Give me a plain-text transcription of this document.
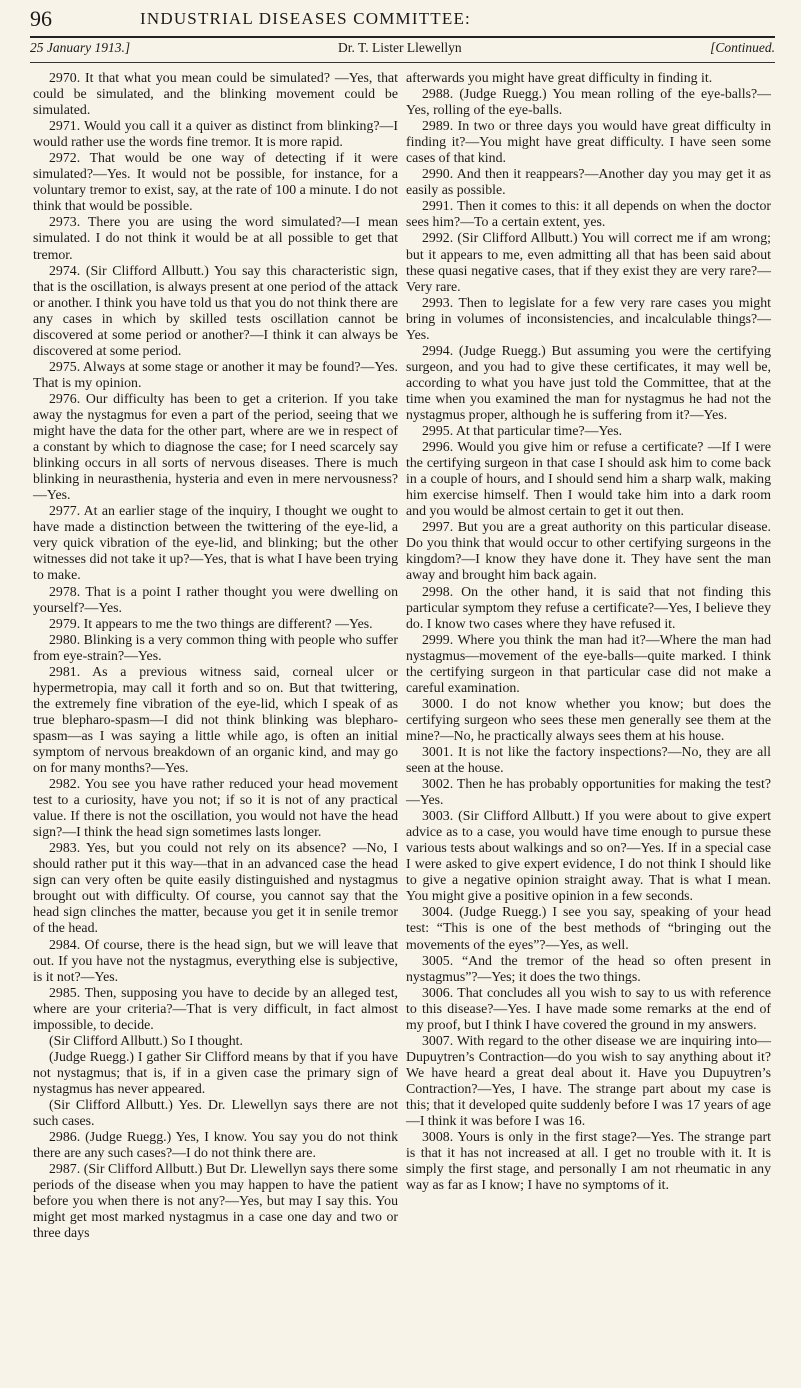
96	INDUSTRIAL DISEASES COMMITTEE:
25 January 1913.]	Dr. T. Lister Llewellyn	[Continued.

2970. It that what you mean could be simulated? —Yes, that could be simulated, and the blinking movement could be simulated.

2971. Would you call it a quiver as distinct from blinking?—I would rather use the words fine tremor. It is more rapid.

2972. That would be one way of detecting if it were simulated?—Yes. It would not be possible, for instance, for a voluntary tremor to exist, say, at the rate of 100 a minute. I do not think that would be possible.

2973. There you are using the word simulated?—I mean simulated. I do not think it would be at all possible to get that tremor.

2974. (Sir Clifford Allbutt.) You say this characteristic sign, that is the oscillation, is always present at one period of the attack or another. I think you have told us that you do not think there are any cases in which by skilled tests oscillation cannot be discovered at some period or another?—I think it can always be discovered at some period.

2975. Always at some stage or another it may be found?—Yes. That is my opinion.

2976. Our difficulty has been to get a criterion. If you take away the nystagmus for even a part of the period, seeing that we might have the data for the other part, where are we in respect of a constant by which to diagnose the case; for I need scarcely say blinking occurs in all sorts of nervous diseases. There is much blinking in neurasthenia, hysteria and even in mere nervousness?—Yes.

2977. At an earlier stage of the inquiry, I thought we ought to have made a distinction between the twittering of the eye-lid, a very quick vibration of the eye-lid, and blinking; but the other witnesses did not take it up?—Yes, that is what I have been trying to make.

2978. That is a point I rather thought you were dwelling on yourself?—Yes.

2979. It appears to me the two things are different? —Yes.

2980. Blinking is a very common thing with people who suffer from eye-strain?—Yes.

2981. As a previous witness said, corneal ulcer or hypermetropia, may call it forth and so on. But that twittering, the extremely fine vibration of the eye-lid, which I speak of as true blepharo-spasm—I did not think blinking was blepharo-spasm—as I was saying a little while ago, is often an initial symptom of nervous breakdown of an organic kind, and may go on for many months?—Yes.

2982. You see you have rather reduced your head movement test to a curiosity, have you not; if so it is not of any practical value. If there is not the oscillation, you would not have the head sign?—I think the head sign sometimes lasts longer.

2983. Yes, but you could not rely on its absence? —No, I should rather put it this way—that in an advanced case the head sign can very often be quite easily distinguished and nystagmus brought out with difficulty. Of course, you cannot say that the head sign clinches the matter, because you get it in senile tremor of the head.

2984. Of course, there is the head sign, but we will leave that out. If you have not the nystagmus, everything else is subjective, is it not?—Yes.

2985. Then, supposing you have to decide by an alleged test, where are your criteria?—That is very difficult, in fact almost impossible, to decide.

(Sir Clifford Allbutt.) So I thought.

(Judge Ruegg.) I gather Sir Clifford means by that if you have not nystagmus; that is, if in a given case the primary sign of nystagmus has never appeared.

(Sir Clifford Allbutt.) Yes. Dr. Llewellyn says there are not such cases.

2986. (Judge Ruegg.) Yes, I know. You say you do not think there are any such cases?—I do not think there are.

2987. (Sir Clifford Allbutt.) But Dr. Llewellyn says there some periods of the disease when you may happen to have the patient before you when there is not any?—Yes, but may I say this. You might get most marked nystagmus in a case one day and two or three days

afterwards you might have great difficulty in finding it.

2988. (Judge Ruegg.) You mean rolling of the eye-balls?—Yes, rolling of the eye-balls.

2989. In two or three days you would have great difficulty in finding it?—You might have great difficulty. I have seen some cases of that kind.

2990. And then it reappears?—Another day you may get it as easily as possible.

2991. Then it comes to this: it all depends on when the doctor sees him?—To a certain extent, yes.

2992. (Sir Clifford Allbutt.) You will correct me if am wrong; but it appears to me, even admitting all that has been said about these quasi negative cases, that if they exist they are very rare?—Very rare.

2993. Then to legislate for a few very rare cases you might bring in volumes of inconsistencies, and incalculable things?—Yes.

2994. (Judge Ruegg.) But assuming you were the certifying surgeon, and you had to give these certificates, it may well be, according to what you have just told the Committee, that at the time when you examined the man for nystagmus he had not the nystagmus proper, although he is suffering from it?—Yes.

2995. At that particular time?—Yes.

2996. Would you give him or refuse a certificate? —If I were the certifying surgeon in that case I should ask him to come back in a couple of hours, and I should send him a sharp walk, making him exercise himself. Then I would take him into a dark room and you would be almost certain to get it out then.

2997. But you are a great authority on this particular disease. Do you think that would occur to other certifying surgeons in the kingdom?—I know they have done it. They have sent the man away and brought him back again.

2998. On the other hand, it is said that not finding this particular symptom they refuse a certificate?—Yes, I believe they do. I know two cases where they have refused it.

2999. Where you think the man had it?—Where the man had nystagmus—movement of the eye-balls—quite marked. I think the certifying surgeon in that particular case did not make a careful examination.

3000. I do not know whether you know; but does the certifying surgeon who sees these men generally see them at the mine?—No, he practically always sees them at his house.

3001. It is not like the factory inspections?—No, they are all seen at the house.

3002. Then he has probably opportunities for making the test?—Yes.

3003. (Sir Clifford Allbutt.) If you were about to give expert advice as to a case, you would have time enough to pursue these various tests about walkings and so on?—Yes. If in a special case I were asked to give expert evidence, I do not think I should like to give a negative opinion straight away. That is what I mean. You might give a positive opinion in a few seconds.

3004. (Judge Ruegg.) I see you say, speaking of your head test: “This is one of the best methods of “bringing out the movements of the eyes”?—Yes, as well.

3005. “And the tremor of the head so often present in nystagmus”?—Yes; it does the two things.

3006. That concludes all you wish to say to us with reference to this disease?—Yes. I have made some remarks at the end of my proof, but I think I have covered the ground in my answers.

3007. With regard to the other disease we are inquiring into—Dupuytren’s Contraction—do you wish to say anything about it? We have heard a great deal about it. Have you Dupuytren’s Contraction?—Yes, I have. The strange part about my case is this; that it developed quite suddenly before I was 17 years of age—I think it was before I was 16.

3008. Yours is only in the first stage?—Yes. The strange part is that it has not increased at all. I get no trouble with it. It is simply the first stage, and personally I am not rheumatic in any way as far as I know; I have no symptoms of it.
